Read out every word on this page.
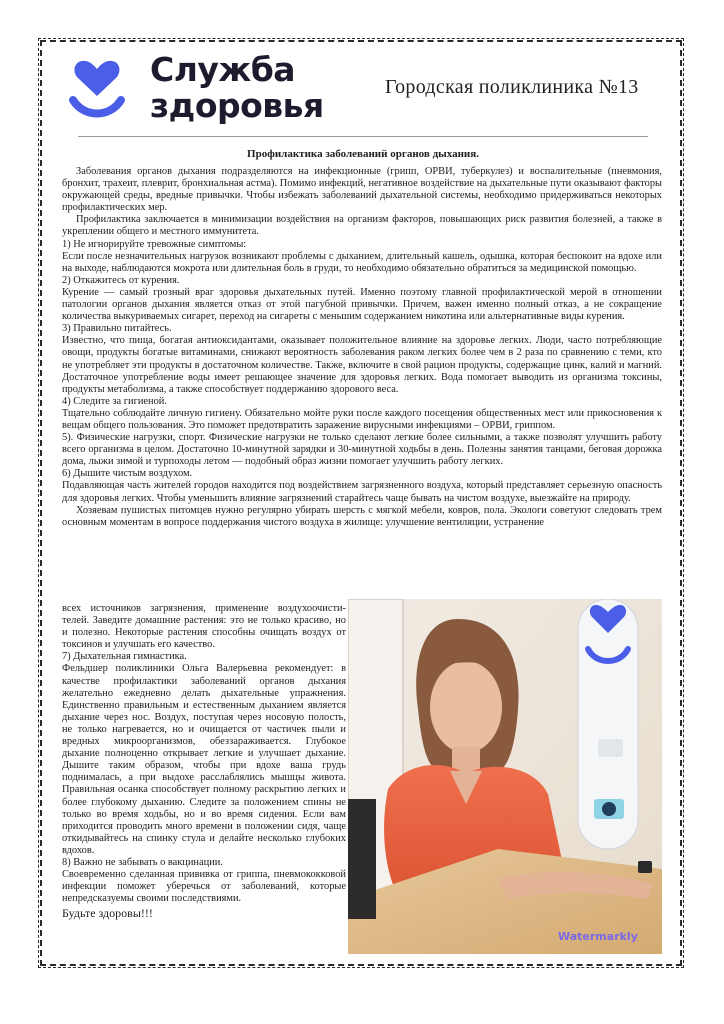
Служба
здоровья	Городская поликлиника №13
Профилактика заболеваний органов дыхания.

Заболевания органов дыхания подразделяются на инфекционные (грипп, ОРВИ, туберкулез) и воспалительные (пневмония, бронхит, трахеит, плеврит, бронхиальная астма). Помимо инфекций, негативное воздействие на дыхательные пути оказывают факторы окружающей среды, вредные привычки. Чтобы избежать заболеваний дыхательной системы, необходимо придерживаться некоторых профилактических мер.

Профилактика заключается в минимизации воздействия на организм факторов, повышающих риск развития болезней, а также в укреплении общего и местного иммунитета.

1) Не игнорируйте тревожные симптомы:

Если после незначительных нагрузок возникают проблемы с дыханием, длительный кашель, одышка, которая беспокоит на вдохе или на выходе, наблюдаются мокрота или длительная боль в груди, то необходимо обязательно обратиться за медицинской помощью.

2) Откажитесь от курения.

Курение — самый грозный враг здоровья дыхательных путей. Именно поэтому главной профилактической мерой в отношении патологии органов дыхания является отказ от этой пагубной привычки. Причем, важен именно полный отказ, а не сокращение количества выкуриваемых сигарет, переход на сигареты с меньшим содержанием никотина или альтернативные виды курения.

3) Правильно питайтесь.

Известно, что пища, богатая антиоксидантами, оказывает положительное влияние на здоровье легких. Люди, часто потребляющие овощи, продукты богатые витаминами, снижают вероятность заболевания раком легких более чем в 2 раза по сравнению с теми, кто не употребляет эти продукты в достаточном количестве. Также, включите в свой рацион продукты, содержащие цинк, калий и магний. Достаточное употребление воды имеет решающее значение для здоровья легких. Вода помогает выводить из организма токсины, продукты метаболизма, а также способствует поддержанию здорового веса.

4) Следите за гигиеной.

Тщательно соблюдайте личную гигиену. Обязательно мойте руки после каждого посещения общественных мест или прикосновения к вещам общего пользования. Это поможет предотвратить заражение вирусными инфекциями – ОРВИ, гриппом.

5). Физические нагрузки, спорт. Физические нагрузки не только сделают легкие более сильными, а также позволят улучшить работу всего организма в целом. Достаточно 10-минутной зарядки и 30-минутной ходьбы в день. Полезны занятия танцами, беговая дорожка дома, лыжи зимой и турпоходы летом — подобный образ жизни помогает улучшить работу легких.

6) Дышите чистым воздухом.

Подавляющая часть жителей городов находится под воздействием загрязненного воздуха, который представляет серьезную опасность для здоровья легких. Чтобы уменьшить влияние загрязнений старайтесь чаще бывать на чистом воздухе, выезжайте на природу.

Хозяевам пушистых питомцев нужно регулярно убирать шерсть с мягкой мебели, ковров, пола. Экологи советуют следовать трем основным моментам в вопросе поддержания чистого воздуха в жилище: улучшение вентиляции, устранение

всех источников загрязнения, применение воздухоочисти-телей. Заведите домашние растения: это не только красиво, но и полезно. Некоторые растения способны очищать воздух от токсинов и улучшать его качество.

7) Дыхательная гимнастика.

Фельдшер поликлиники Ольга Валерьевна рекомендует: в качестве профилактики заболеваний органов дыхания желательно ежедневно делать дыхательные упражнения. Единственно правильным и естественным дыханием является дыхание через нос. Воздух, поступая через носовую полость, не только нагревается, но и очищается от частичек пыли и вредных микроорганизмов, обеззараживается. Глубокое дыхание полноценно открывает легкие и улучшает дыхание. Дышите таким образом, чтобы при вдохе ваша грудь поднималась, а при выдохе расслаблялись мышцы живота. Правильная осанка способствует полному раскрытию легких и более глубокому дыханию. Следите за положением спины не только во время ходьбы, но и во время сидения. Если вам приходится проводить много времени в положении сидя, чаще откидывайтесь на спинку стула и делайте несколько глубоких вдохов.

8) Важно не забывать о вакцинации.

Своевременно сделанная прививка от гриппа, пневмококковой инфекции поможет уберечься от заболеваний, которые непредсказуемы своими последствиями.

Будьте здоровы!!!

Watermarkly
